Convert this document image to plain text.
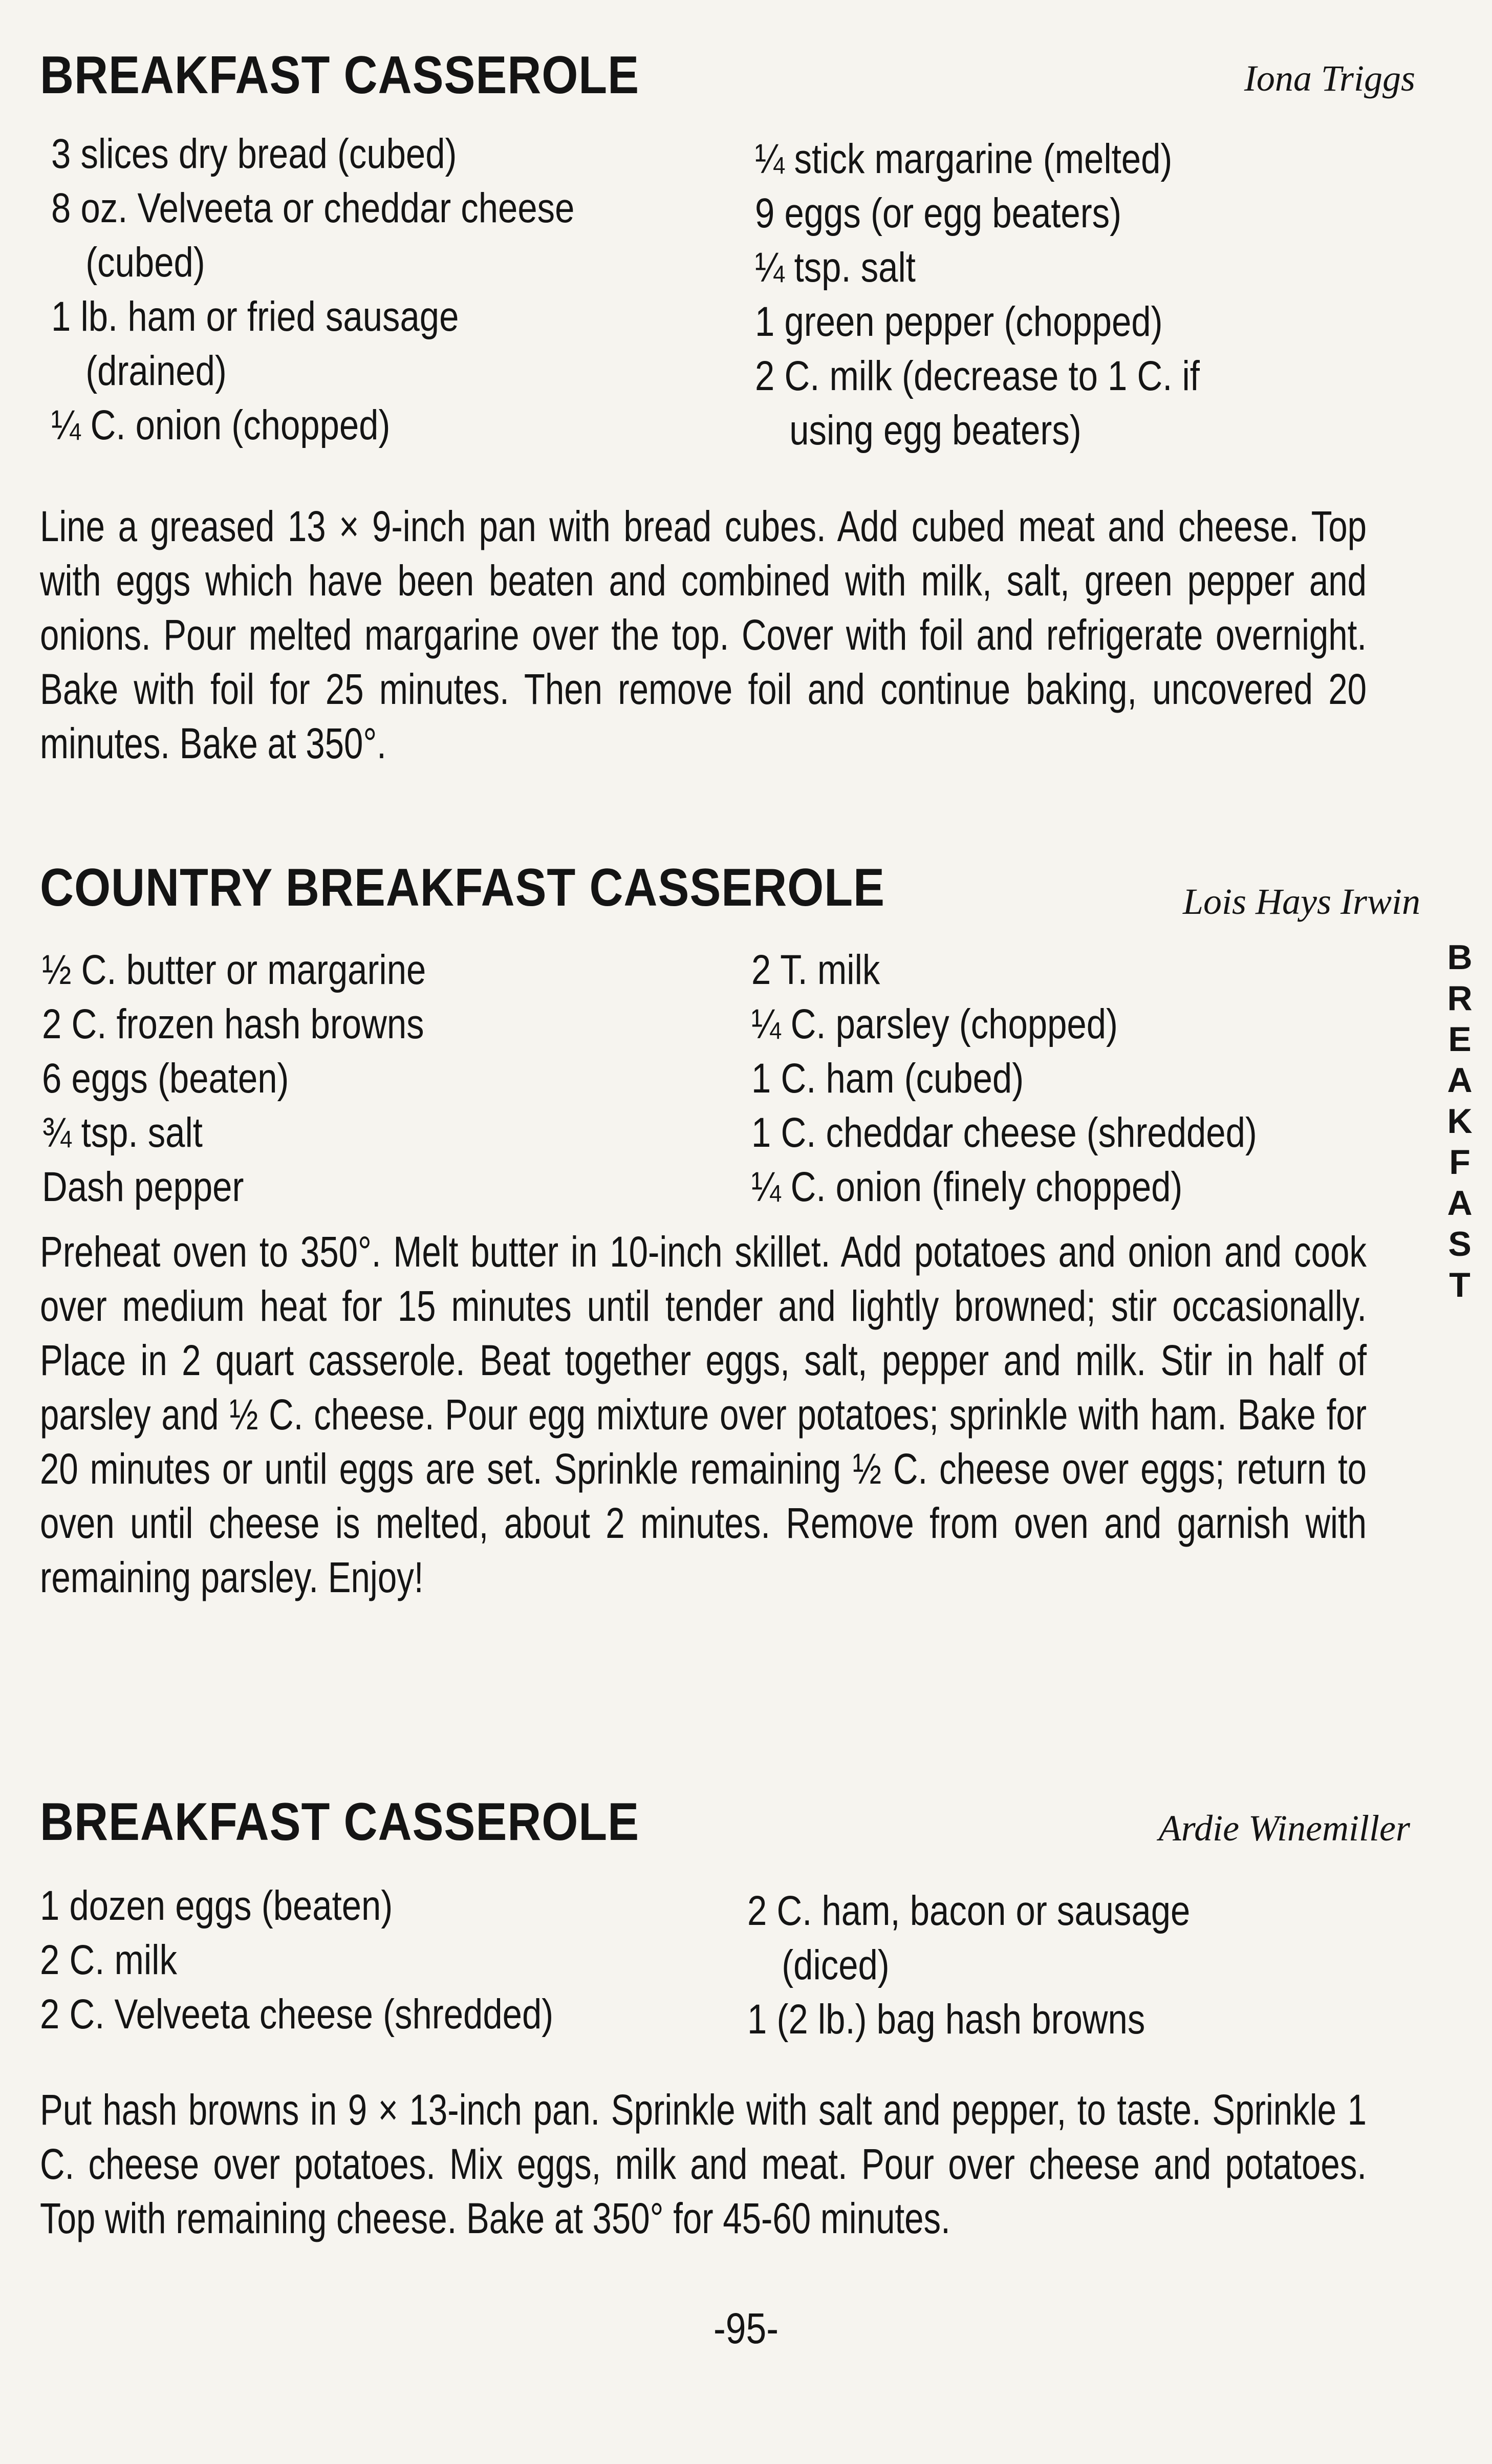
BREAKFAST CASSEROLE	Iona Triggs
3 slices dry bread (cubed)
8 oz. Velveeta or cheddar cheese
(cubed)
1 lb. ham or fried sausage
(drained)
¼ C. onion (chopped)
¼ stick margarine (melted)
9 eggs (or egg beaters)
¼ tsp. salt
1 green pepper (chopped)
2 C. milk (decrease to 1 C. if
using egg beaters)

Line a greased 13 × 9-inch pan with bread cubes. Add cubed meat and cheese. Top with eggs which have been beaten and combined with milk, salt, green pepper and onions. Pour melted margarine over the top. Cover with foil and refrigerate overnight. Bake with foil for 25 minutes. Then remove foil and continue baking, uncovered 20 minutes. Bake at 350°.

COUNTRY BREAKFAST CASSEROLE	Lois Hays Irwin
½ C. butter or margarine
2 C. frozen hash browns
6 eggs (beaten)
¾ tsp. salt
Dash pepper
2 T. milk
¼ C. parsley (chopped)
1 C. ham (cubed)
1 C. cheddar cheese (shredded)
¼ C. onion (finely chopped)

Preheat oven to 350°. Melt butter in 10-inch skillet. Add potatoes and onion and cook over medium heat for 15 minutes until tender and lightly browned; stir occasionally. Place in 2 quart casserole. Beat together eggs, salt, pepper and milk. Stir in half of parsley and ½ C. cheese. Pour egg mixture over potatoes; sprinkle with ham. Bake for 20 minutes or until eggs are set. Sprinkle remaining ½ C. cheese over eggs; return to oven until cheese is melted, about 2 minutes. Remove from oven and garnish with remaining parsley. Enjoy!

BREAKFAST CASSEROLE	Ardie Winemiller
1 dozen eggs (beaten)
2 C. milk
2 C. Velveeta cheese (shredded)
2 C. ham, bacon or sausage
(diced)
1 (2 lb.) bag hash browns

Put hash browns in 9 × 13-inch pan. Sprinkle with salt and pepper, to taste. Sprinkle 1 C. cheese over potatoes. Mix eggs, milk and meat. Pour over cheese and potatoes. Top with remaining cheese. Bake at 350° for 45-60 minutes.

B
R
E
A
K
F
A
S
T
-95-
